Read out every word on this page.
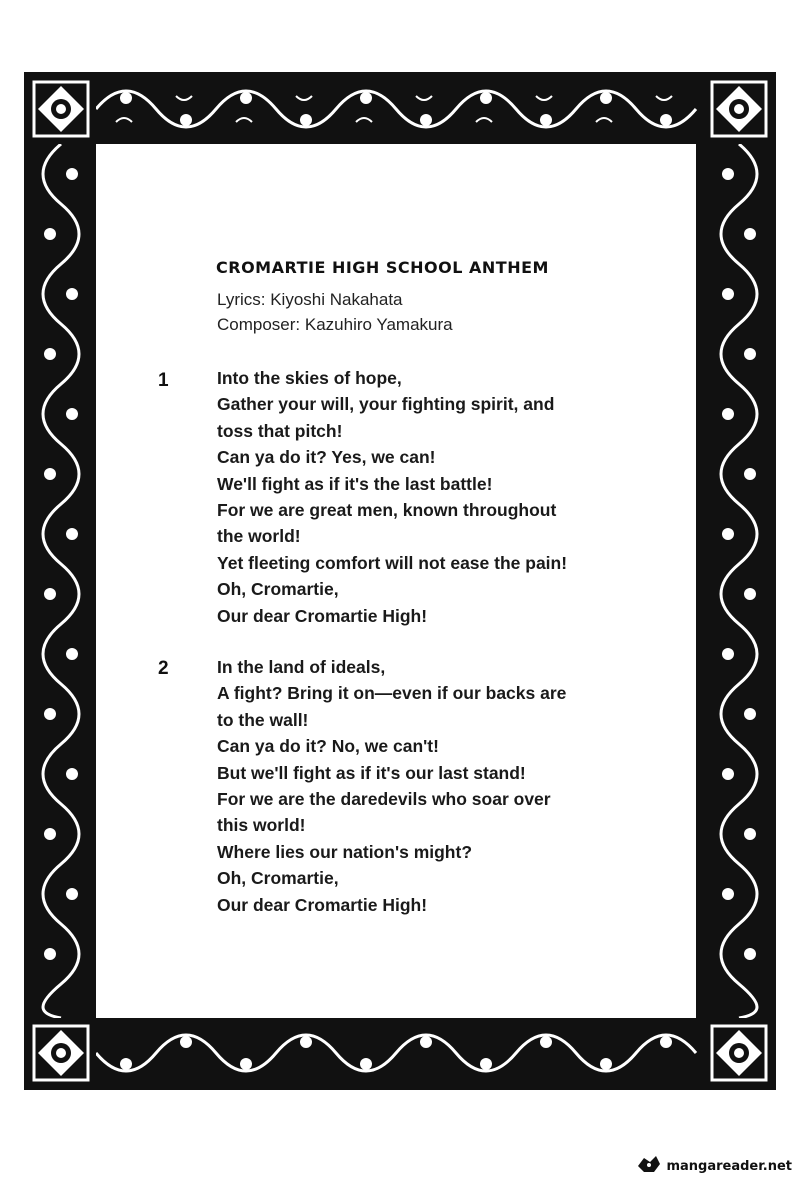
CROMARTIE HIGH SCHOOL ANTHEM
Lyrics: Kiyoshi Nakahata
Composer: Kazuhiro Yamakura
1	Into the skies of hope,
Gather your will, your fighting spirit, and
toss that pitch!
Can ya do it? Yes, we can!
We'll fight as if it's the last battle!
For we are great men, known throughout
the world!
Yet fleeting comfort will not ease the pain!
Oh, Cromartie,
Our dear Cromartie High!
2	In the land of ideals,
A fight? Bring it on—even if our backs are
to the wall!
Can ya do it? No, we can't!
But we'll fight as if it's our last stand!
For we are the daredevils who soar over
this world!
Where lies our nation's might?
Oh, Cromartie,
Our dear Cromartie High!
mangareader.net
